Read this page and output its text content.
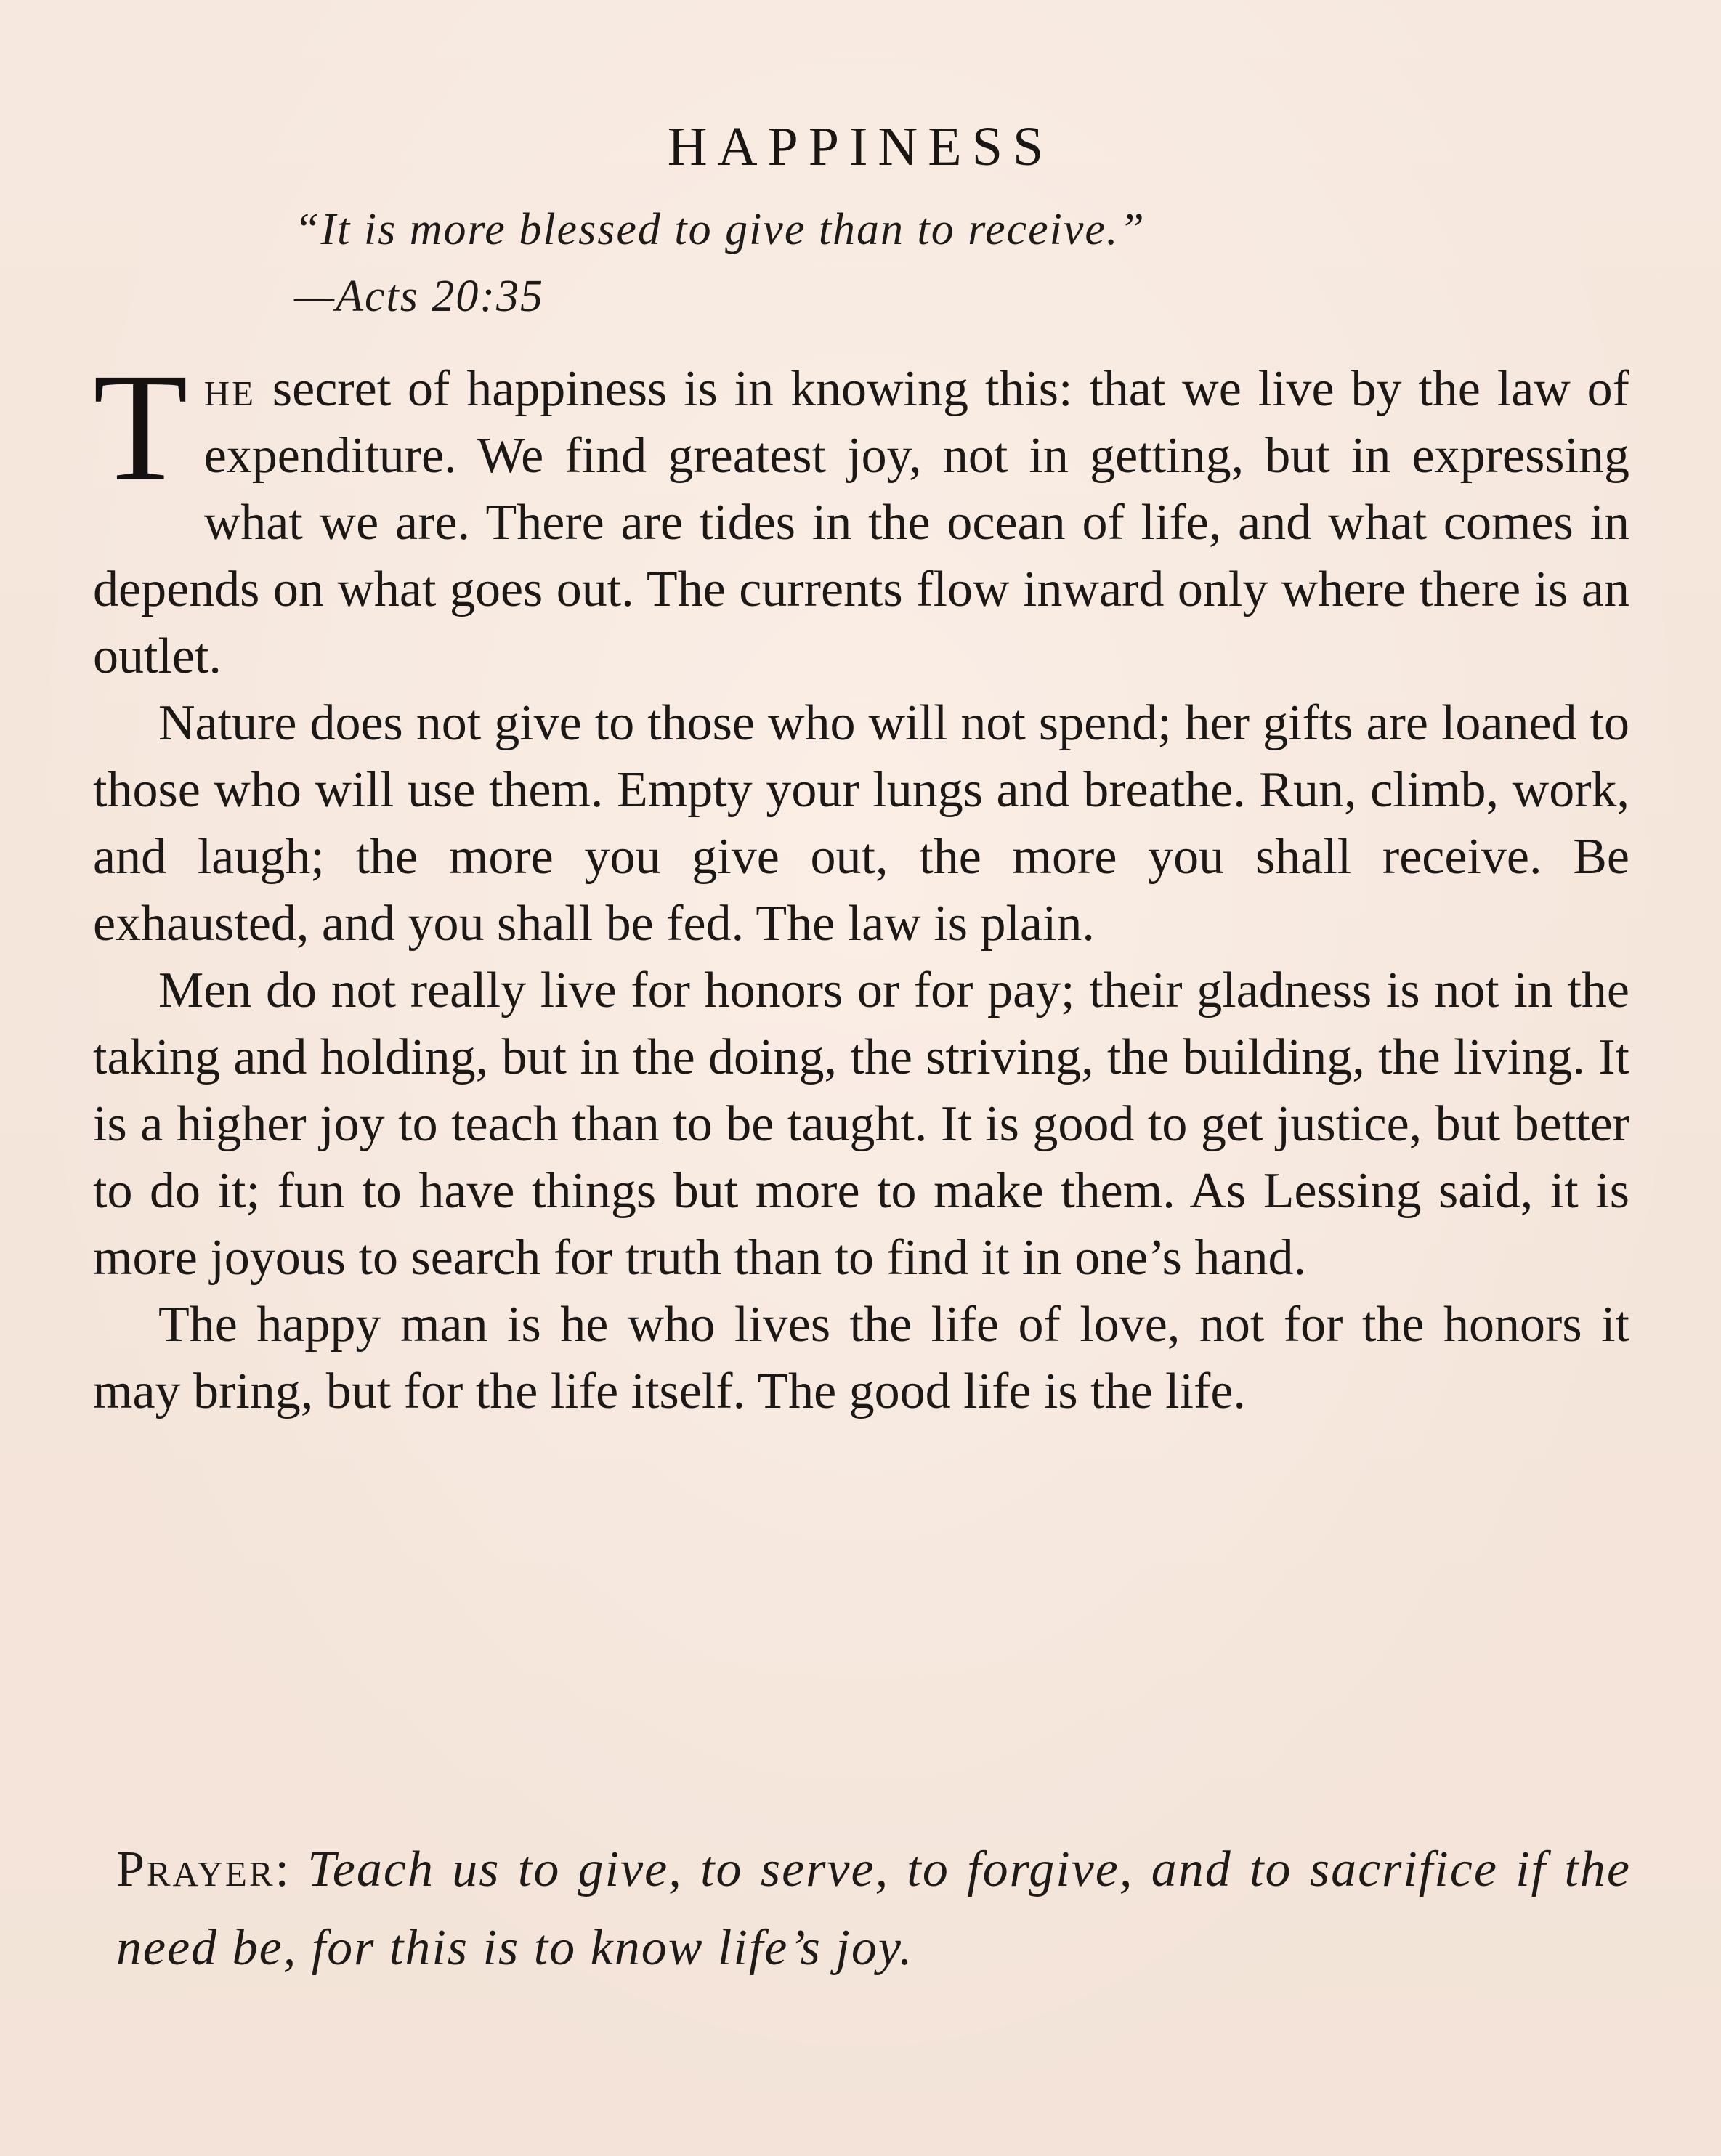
HAPPINESS
“It is more blessed to give than to receive.”
—Acts 20:35

The secret of happiness is in knowing this: that we live by the law of expenditure. We find greatest joy, not in getting, but in expressing what we are. There are tides in the ocean of life, and what comes in depends on what goes out. The currents flow inward only where there is an outlet.

Nature does not give to those who will not spend; her gifts are loaned to those who will use them. Empty your lungs and breathe. Run, climb, work, and laugh; the more you give out, the more you shall receive. Be exhausted, and you shall be fed. The law is plain.

Men do not really live for honors or for pay; their gladness is not in the taking and holding, but in the doing, the striving, the building, the living. It is a higher joy to teach than to be taught. It is good to get justice, but better to do it; fun to have things but more to make them. As Lessing said, it is more joyous to search for truth than to find it in one’s hand.

The happy man is he who lives the life of love, not for the honors it may bring, but for the life itself. The good life is the life.

Prayer: Teach us to give, to serve, to forgive, and to sacrifice if the need be, for this is to know life’s joy.
